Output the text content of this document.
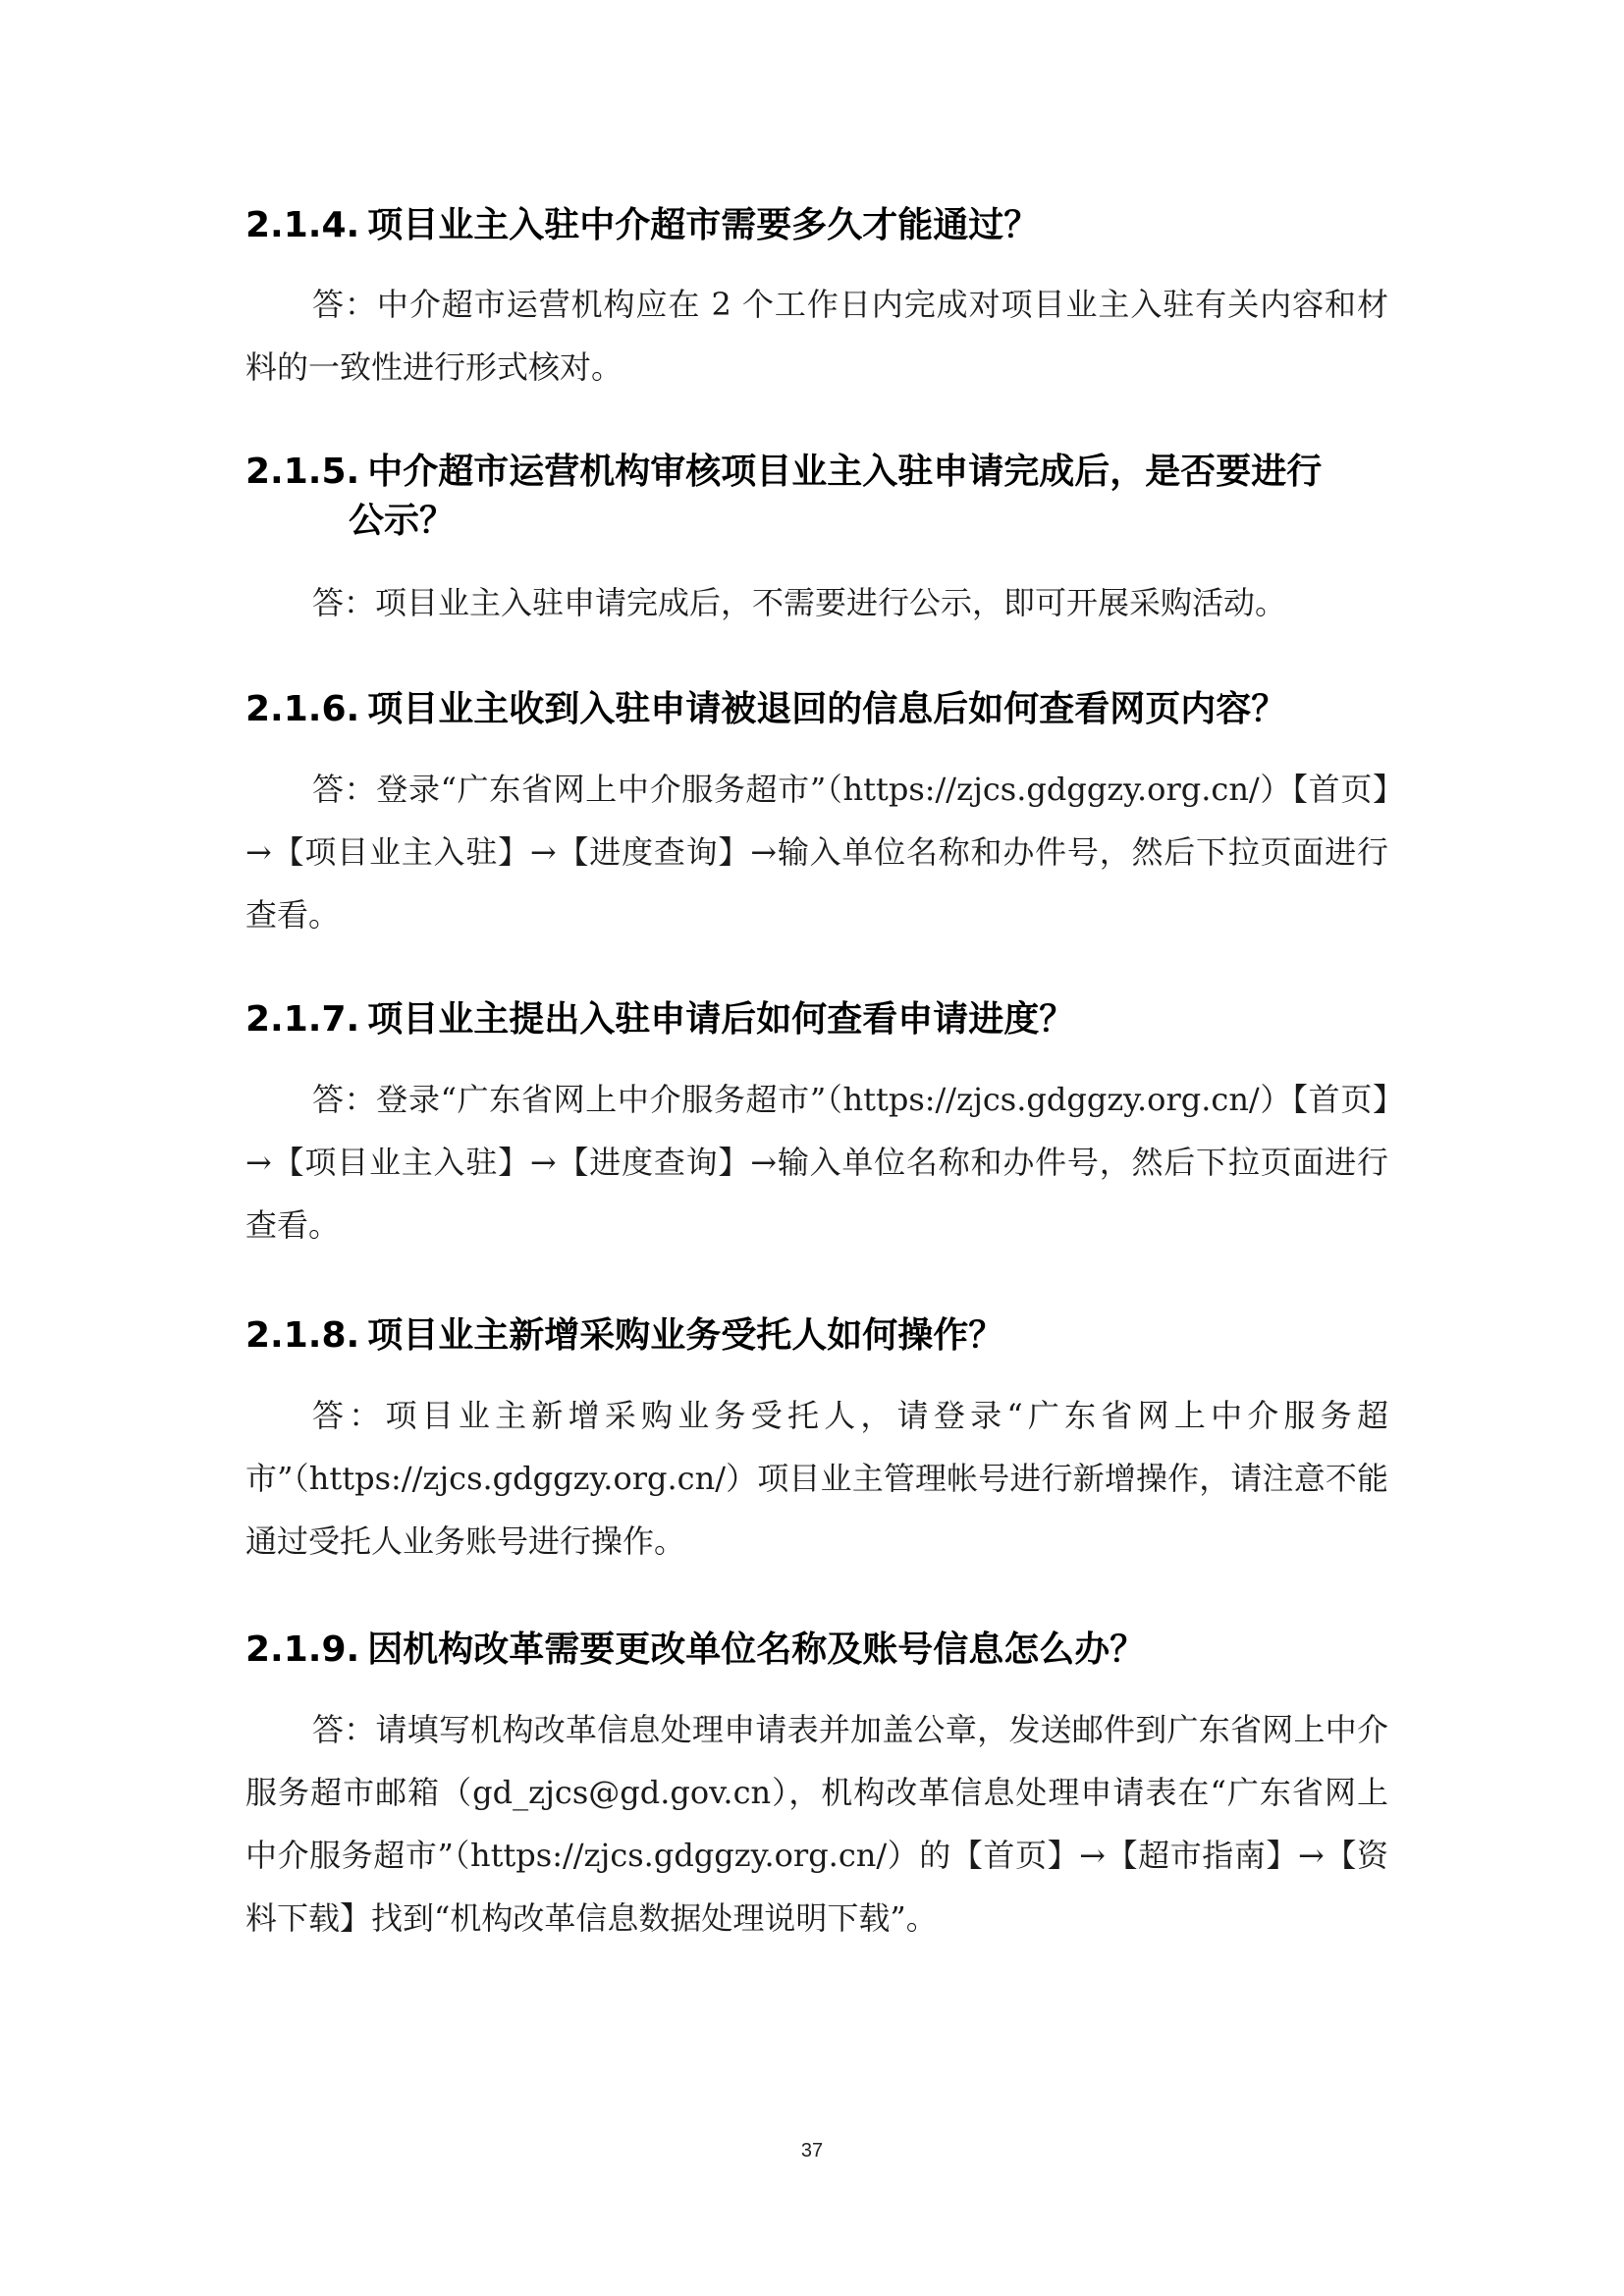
2.1.4. 项目业主入驻中介超市需要多久才能通过？

答：中介超市运营机构应在 2 个工作日内完成对项目业主入驻有关内容和材料的一致性进行形式核对。

2.1.5. 中介超市运营机构审核项目业主入驻申请完成后，是否要进行
公示？

答：项目业主入驻申请完成后，不需要进行公示，即可开展采购活动。

2.1.6. 项目业主收到入驻申请被退回的信息后如何查看网页内容？

答：登录“广东省网上中介服务超市”（https://zjcs.gdggzy.org.cn/）【首页】→【项目业主入驻】→【进度查询】→输入单位名称和办件号，然后下拉页面进行查看。

2.1.7. 项目业主提出入驻申请后如何查看申请进度？

答：登录“广东省网上中介服务超市”（https://zjcs.gdggzy.org.cn/）【首页】→【项目业主入驻】→【进度查询】→输入单位名称和办件号，然后下拉页面进行查看。

2.1.8. 项目业主新增采购业务受托人如何操作？

答：项目业主新增采购业务受托人，请登录“广东省网上中介服务超市”（https://zjcs.gdggzy.org.cn/）项目业主管理帐号进行新增操作，请注意不能通过受托人业务账号进行操作。

2.1.9. 因机构改革需要更改单位名称及账号信息怎么办？

答：请填写机构改革信息处理申请表并加盖公章，发送邮件到广东省网上中介服务超市邮箱（gd_zjcs@gd.gov.cn），机构改革信息处理申请表在“广东省网上中介服务超市”（https://zjcs.gdggzy.org.cn/）的【首页】→【超市指南】→【资料下载】找到“机构改革信息数据处理说明下载”。

37
